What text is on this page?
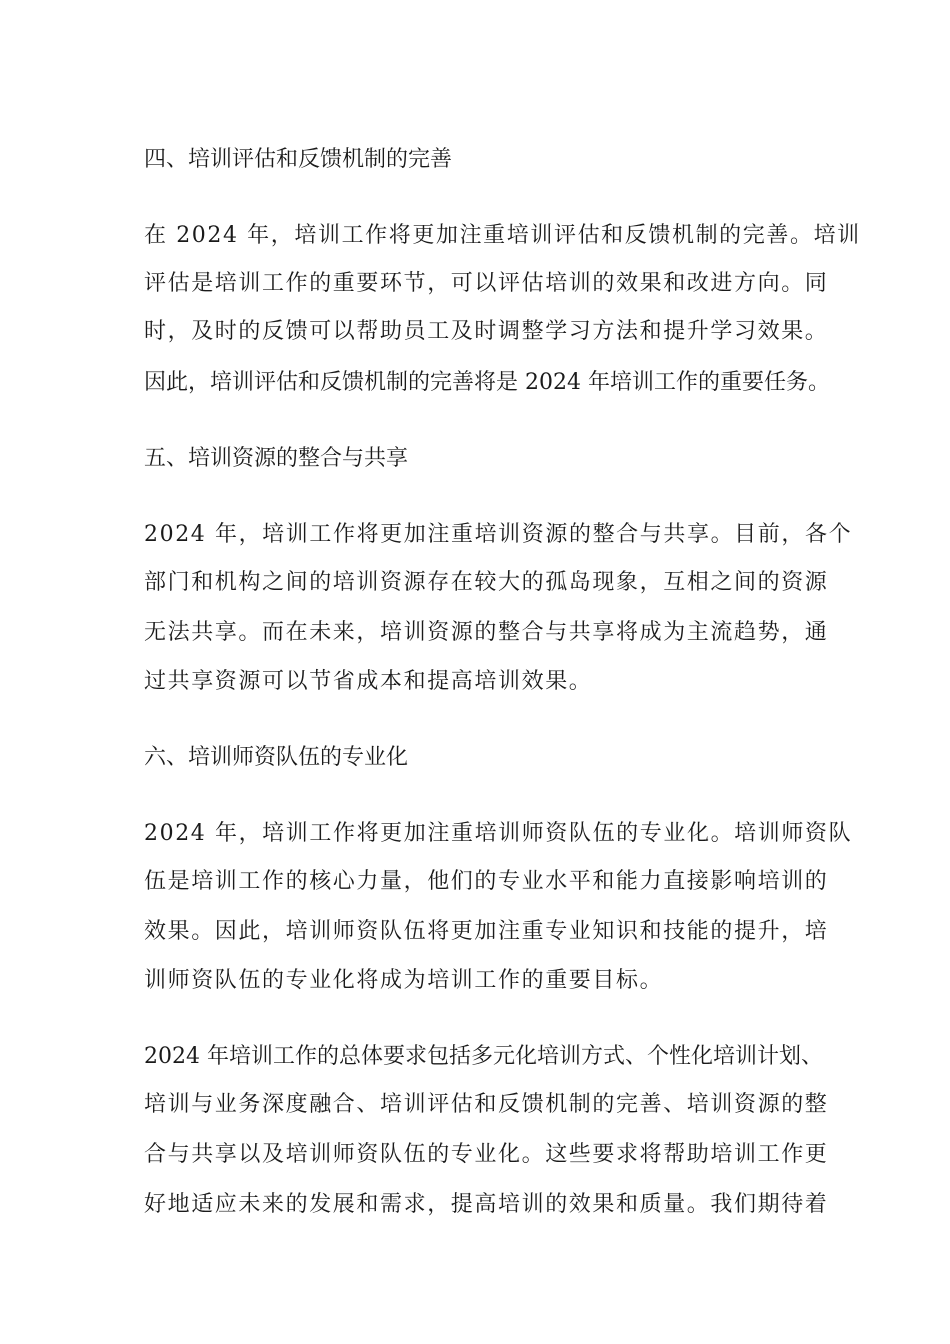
四、培训评估和反馈机制的完善
在 2024 年，培训工作将更加注重培训评估和反馈机制的完善。培训
评估是培训工作的重要环节，可以评估培训的效果和改进方向。同
时，及时的反馈可以帮助员工及时调整学习方法和提升学习效果。
因此，培训评估和反馈机制的完善将是 2024 年培训工作的重要任务。
五、培训资源的整合与共享
2024 年，培训工作将更加注重培训资源的整合与共享。目前，各个
部门和机构之间的培训资源存在较大的孤岛现象，互相之间的资源
无法共享。而在未来，培训资源的整合与共享将成为主流趋势，通
过共享资源可以节省成本和提高培训效果。
六、培训师资队伍的专业化
2024 年，培训工作将更加注重培训师资队伍的专业化。培训师资队
伍是培训工作的核心力量，他们的专业水平和能力直接影响培训的
效果。因此，培训师资队伍将更加注重专业知识和技能的提升，培
训师资队伍的专业化将成为培训工作的重要目标。
2024 年培训工作的总体要求包括多元化培训方式、个性化培训计划、
培训与业务深度融合、培训评估和反馈机制的完善、培训资源的整
合与共享以及培训师资队伍的专业化。这些要求将帮助培训工作更
好地适应未来的发展和需求，提高培训的效果和质量。我们期待着
